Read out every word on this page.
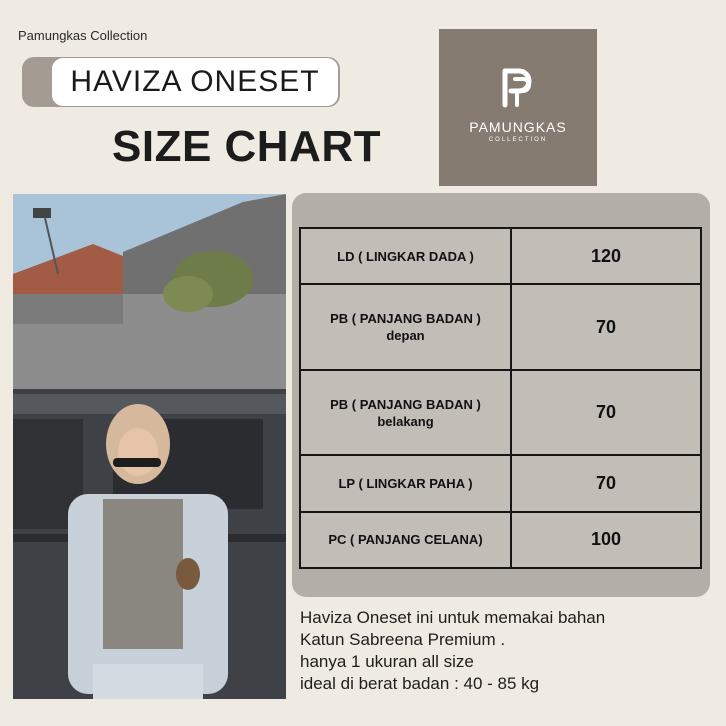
Pamungkas Collection
HAVIZA ONESET
SIZE CHART	PAMUNGKAS
COLLECTION
LD ( LINGKAR DADA )	120
PB ( PANJANG BADAN )
depan	70
PB ( PANJANG BADAN )
belakang	70
LP ( LINGKAR PAHA )	70
PC ( PANJANG CELANA)	100
Haviza Oneset ini untuk memakai bahan
Katun Sabreena Premium .
hanya 1 ukuran all size
ideal di berat badan : 40 - 85 kg
